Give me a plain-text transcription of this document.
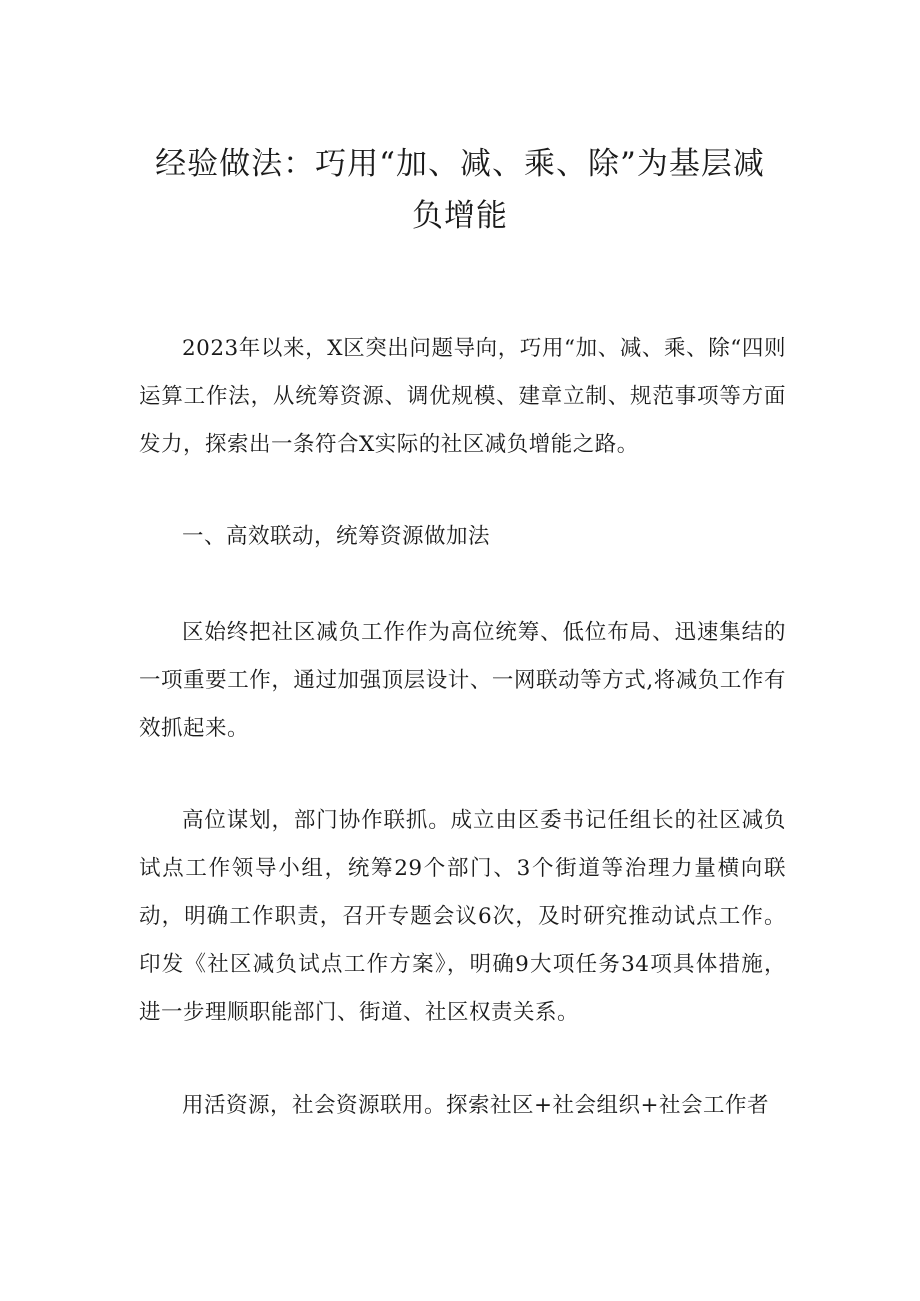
经验做法：巧用“加、减、乘、除”为基层减负增能

2023年以来，X区突出问题导向，巧用“加、减、乘、除“四则运算工作法，从统筹资源、调优规模、建章立制、规范事项等方面发力，探索出一条符合X实际的社区减负增能之路。

一、高效联动，统筹资源做加法

区始终把社区减负工作作为高位统筹、低位布局、迅速集结的一项重要工作，通过加强顶层设计、一网联动等方式,将减负工作有效抓起来。

高位谋划，部门协作联抓。成立由区委书记任组长的社区减负试点工作领导小组，统筹29个部门、3个街道等治理力量横向联动，明确工作职责，召开专题会议6次，及时研究推动试点工作。印发《社区减负试点工作方案》，明确9大项任务34项具体措施，进一步理顺职能部门、街道、社区权责关系。

用活资源，社会资源联用。探索社区+社会组织+社会工作者
